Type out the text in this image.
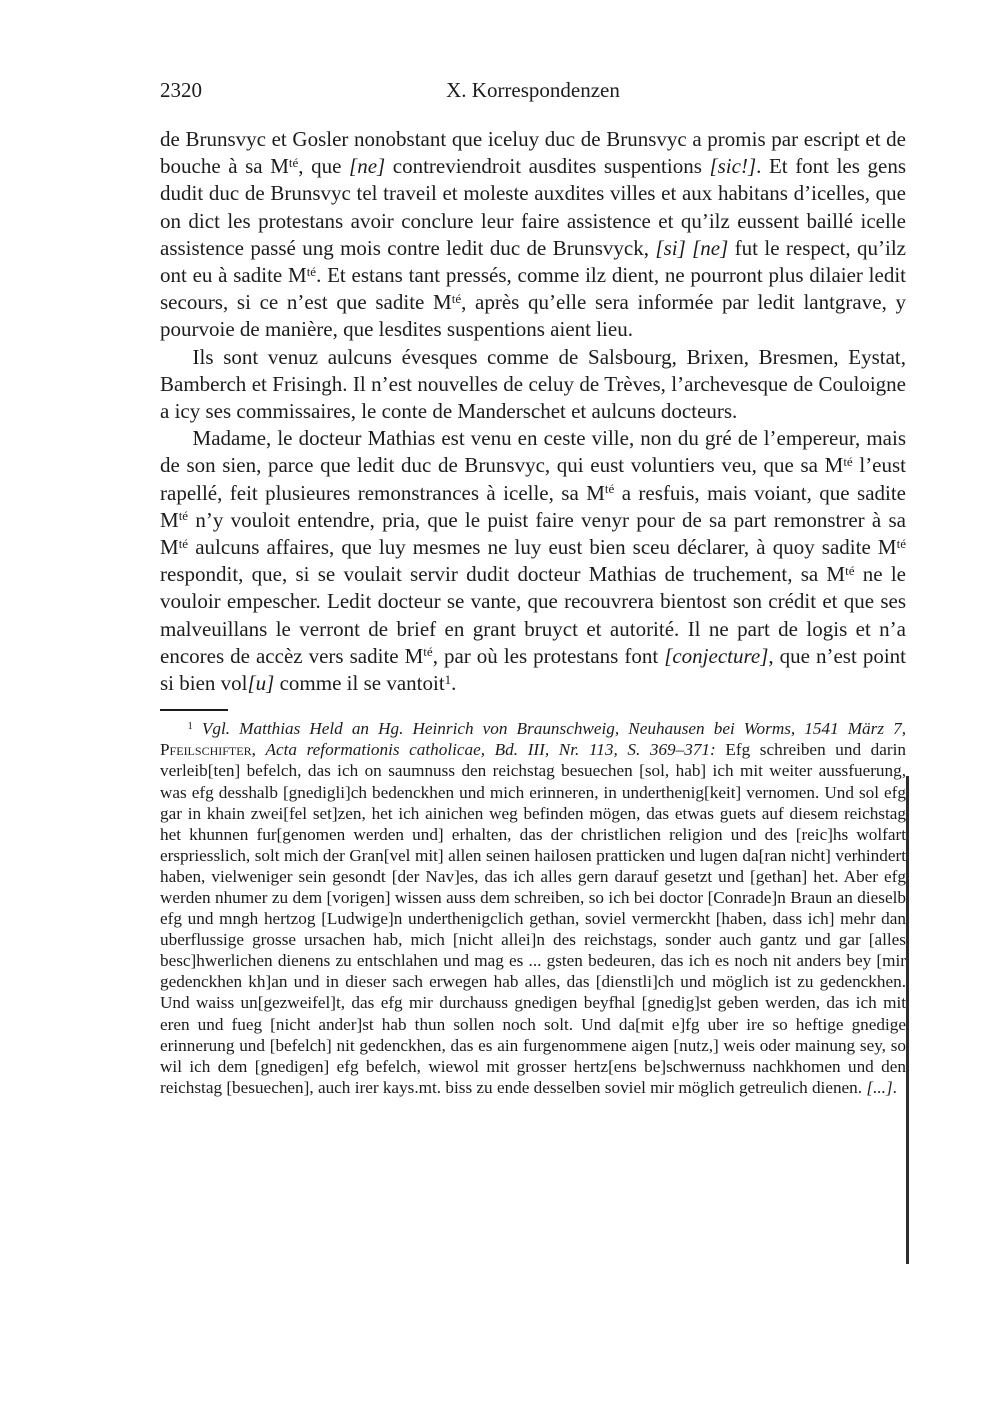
2320	X. Korrespondenzen

de Brunsvyc et Gosler nonobstant que iceluy duc de Brunsvyc a promis par escript et de bouche à sa $M^{té}$, que [ne] contreviendroit ausdites suspentions [sic!]. Et font les gens dudit duc de Brunsvyc tel traveil et moleste auxdites villes et aux habitans d’icelles, que on dict les protestans avoir conclure leur faire assistence et qu’ilz eussent baillé icelle assistence passé ung mois contre ledit duc de Brunsvyck, [si] [ne] fut le respect, qu’ilz ont eu à sadite $M^{té}$. Et estans tant pressés, comme ilz dient, ne pourront plus dilaier ledit secours, si ce n’est que sadite $M^{té}$, après qu’elle sera informée par ledit lantgrave, y pourvoie de manière, que lesdites suspentions aient lieu.

Ils sont venuz aulcuns évesques comme de Salsbourg, Brixen, Bresmen, Eystat, Bamberch et Frisingh. Il n’est nouvelles de celuy de Trèves, l’archevesque de Couloigne a icy ses commissaires, le conte de Manderschet et aulcuns docteurs.

Madame, le docteur Mathias est venu en ceste ville, non du gré de l’empereur, mais de son sien, parce que ledit duc de Brunsvyc, qui eust voluntiers veu, que sa $M^{té}$ l’eust rapellé, feit plusieures remonstrances à icelle, sa $M^{té}$ a resfuis, mais voiant, que sadite $M^{té}$ n’y vouloit entendre, pria, que le puist faire venyr pour de sa part remonstrer à sa $M^{té}$ aulcuns affaires, que luy mesmes ne luy eust bien sceu déclarer, à quoy sadite $M^{té}$ respondit, que, si se voulait servir dudit docteur Mathias de truchement, sa $M^{té}$ ne le vouloir empescher. Ledit docteur se vante, que recouvrera bientost son crédit et que ses malveuillans le verront de brief en grant bruyct et autorité. Il ne part de logis et n’a encores de accèz vers sadite $M^{té}$, par où les protestans font [conjecture], que n’est point si bien vol[u] comme il se vantoit$^1$.

$^1$ Vgl. Matthias Held an Hg. Heinrich von Braunschweig, Neuhausen bei Worms, 1541 März 7, Pfeilschifter, Acta reformationis catholicae, Bd. III, Nr. 113, S. 369–371: Efg schreiben und darin verleib[ten] befelch, das ich on saumnuss den reichstag besuechen [sol, hab] ich mit weiter aussfuerung, was efg desshalb [gnedigli]ch bedenckhen und mich erinneren, in underthenig[keit] vernomen. Und sol efg gar in khain zwei[fel set]zen, het ich ainichen weg befinden mögen, das etwas guets auf diesem reichstag het khunnen fur[genomen werden und] erhalten, das der christlichen religion und des [reic]hs wolfart erspriesslich, solt mich der Gran[vel mit] allen seinen hailosen pratticken und lugen da[ran nicht] verhindert haben, vielweniger sein gesondt [der Nav]es, das ich alles gern darauf gesetzt und [gethan] het. Aber efg werden nhumer zu dem [vorigen] wissen auss dem schreiben, so ich bei doctor [Conrade]n Braun an dieselb efg und mngh hertzog [Ludwige]n underthenigclich gethan, soviel vermerckht [haben, dass ich] mehr dan uberflussige grosse ursachen hab, mich [nicht allei]n des reichstags, sonder auch gantz und gar [alles besc]hwerlichen dienens zu entschlahen und mag es ... gsten bedeuren, das ich es noch nit anders bey [mir gedenckhen kh]an und in dieser sach erwegen hab alles, das [dienstli]ch und möglich ist zu gedenckhen. Und waiss un[gezweifel]t, das efg mir durchauss gnedigen beyfhal [gnedig]st geben werden, das ich mit eren und fueg [nicht ander]st hab thun sollen noch solt. Und da[mit e]fg uber ire so heftige gnedige erinnerung und [befelch] nit gedenckhen, das es ain furgenommene aigen [nutz,] weis oder mainung sey, so wil ich dem [gnedigen] efg befelch, wiewol mit grosser hertz[ens be]schwernuss nachkhomen und den reichstag [besuechen], auch irer kays.mt. biss zu ende desselben soviel mir möglich getreulich dienen. [...].
